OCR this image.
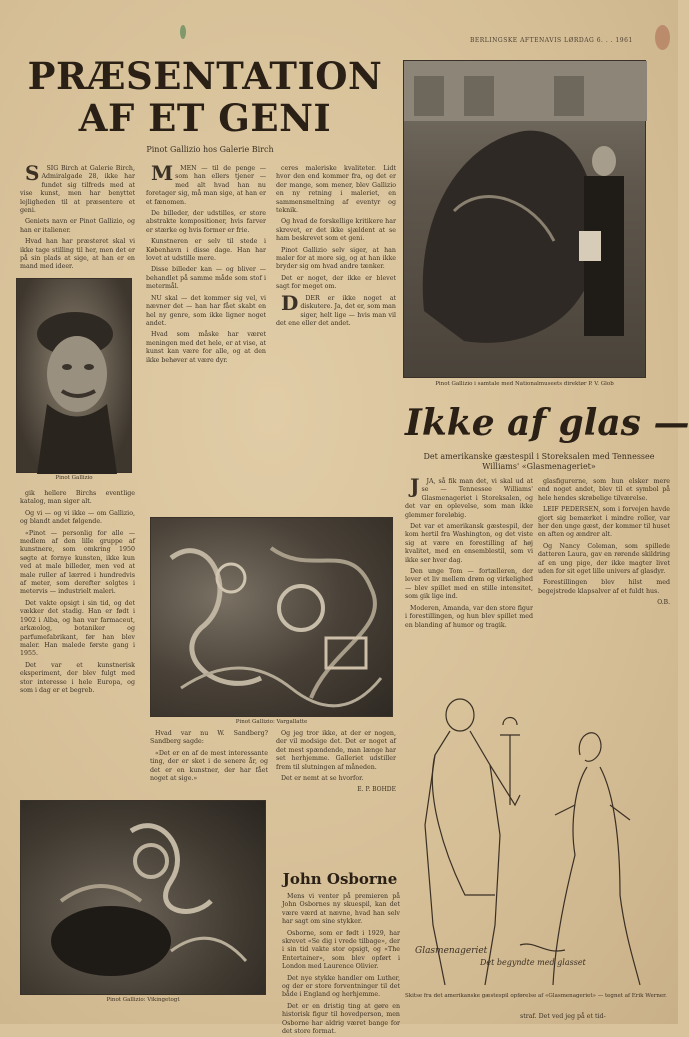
BERLINGSKE AFTENAVIS LØRDAG 6. . . 1961
PRÆSENTATION
AF ET GENI
Pinot Gallizio hos Galerie Birch

S SIG Birch at Galerie Birch, Admiralgade 28, ikke har fundet sig tilfreds med at vise kunst, men har benyttet lejligheden til at præsentere et geni.

Geniets navn er Pinot Gallizio, og han er italiener.

Hvad han har præsteret skal vi ikke tage stilling til her, men det er på sin plads at sige, at han er en mand med ideer.

Pinot Gallizio

gik hellere Birchs eventlige katalog, man siger alt.

Og vi — og vi ikke — om Gallizio, og blandt andet følgende.

«Pinot — personlig for alle — medlem af den lille gruppe af kunstnere, som omkring 1950 søgte at fornye kunsten, ikke kun ved at male billeder, men ved at male ruller af lærred i hundredvis af meter, som derefter solgtes i metervis — industrielt maleri.

Det vakte opsigt i sin tid, og det vækker det stadig. Han er født i 1902 i Alba, og han var farmaceut, arkæolog, botaniker og parfumefabrikant, før han blev maler. Han malede første gang i 1955.

Det var et kunstnerisk eksperiment, der blev fulgt med stor interesse i hele Europa, og som i dag er et begreb.

M MEN — til de penge — som han ellers tjener — med alt hvad han nu foretager sig, må man sige, at han er et fænomen.

De billeder, der udstilles, er store abstrakte kompositioner, hvis farver er stærke og hvis former er frie.

Kunstneren er selv til stede i København i disse dage. Han har lovet at udstille mere.

Disse billeder kan — og bliver — behandlet på samme måde som stof i metermål.

NU skal — det kommer sig vel, vi nævner det — han har fået skabt en hel ny genre, som ikke ligner noget andet.

Hvad som måske har været meningen med det hele, er at vise, at kunst kan være for alle, og at den ikke behøver at være dyr.

ceres maleriske kvaliteter. Lidt hvor den end kommer fra, og det er der mange, som mener, blev Gallizio en ny retning i maleriet, en sammensmeltning af eventyr og teknik.

Og hvad de forskellige kritikere har skrevet, er det ikke sjældent at se ham beskrevet som et geni.

Pinot Gallizio selv siger, at han maler for at more sig, og at han ikke bryder sig om hvad andre tænker.

Det er noget, der ikke er blevet sagt for meget om.

D DER er ikke noget at diskutere. Ja, det er, som man siger, helt lige — hvis man vil det ene eller det andet.

Pinot Gallizio: Vargallatte

Hvad var nu W. Sandberg? Sandberg sagde:

«Det er en af de mest interessante ting, der er sket i de senere år, og det er en kunstner, der har fået noget at sige.»

Og jeg tror ikke, at der er nogen, der vil modsige det. Det er noget af det mest spændende, man længe har set herhjemme. Galleriet udstiller frem til slutningen af måneden.

Det er nemt at se hvorfor.

E. P. BOHDE
Pinot Gallizio: Vikingetogt
Pinot Gallizio i samtale med Nationalmuseets direktør P. V. Glob
Ikke af glas —
Det amerikanske gæstespil i Storeksalen med Tennessee Williams' «Glasmenageriet»

J JA, så fik man det, vi skal ud at se — Tennessee Williams' Glasmenageriet i Storeksalen, og det var en oplevelse, som man ikke glemmer foreløbig.

Det var et amerikansk gæstespil, der kom hertil fra Washington, og det viste sig at være en forestilling af høj kvalitet, med en ensemblestil, som vi ikke ser hver dag.

Den unge Tom — fortælleren, der lever et liv mellem drøm og virkelighed — blev spillet med en stille intensitet, som gik lige ind.

Moderen, Amanda, var den store figur i forestillingen, og hun blev spillet med en blanding af humor og tragik.

glasfigurerne, som hun elsker mere end noget andet, blev til et symbol på hele hendes skrøbelige tilværelse.

LEIF PEDERSEN, som i forvejen havde gjort sig bemærket i mindre roller, var her den unge gæst, der kommer til huset en aften og ændrer alt.

Og Nancy Coleman, som spillede datteren Laura, gav en rørende skildring af en ung pige, der ikke magter livet uden for sit eget lille univers af glasdyr.

Forestillingen blev hilst med begejstrede klapsalver af et fuldt hus.

O.B.
John Osborne

Mens vi venter på premieren på John Osbornes ny skuespil, kan det være værd at nævne, hvad han selv har sagt om sine stykker.

Osborne, som er født i 1929, har skrevet «Se dig i vrede tilbage», der i sin tid vakte stor opsigt, og «The Entertainer», som blev opført i London med Laurence Olivier.

Det nye stykke handler om Luther, og der er store forventninger til det både i England og herhjemme.

Det er en dristig ting at gøre en historisk figur til hovedperson, men Osborne har aldrig været bange for det store format.

Glasmenageriet
Det begyndte med glasset
Skitse fra det amerikanske gæstespil opførelse af «Glasmenageriet» — tegnet af Erik Werner.
straf. Det ved jeg på et tid-
